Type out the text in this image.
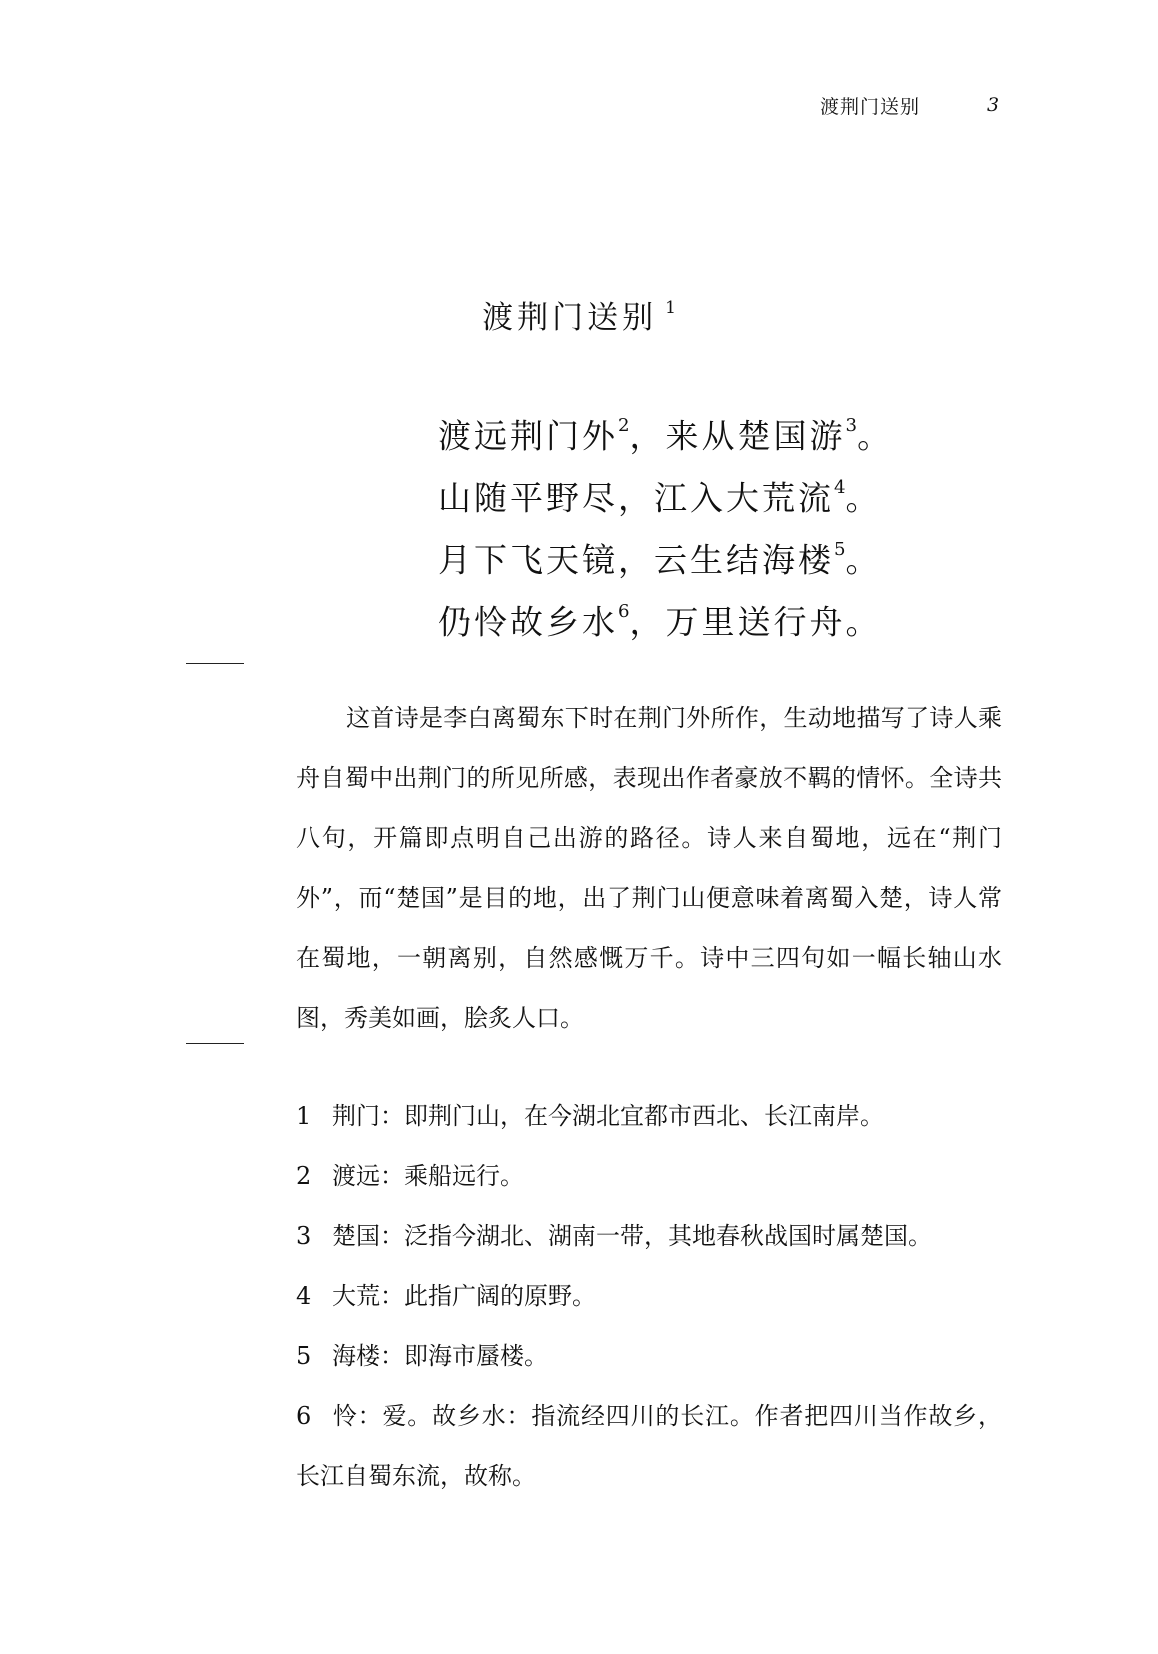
渡荆门送别	3
渡荆门送别 $^1$
渡远荆门外$^2$，来从楚国游$^3$。
山随平野尽，江入大荒流$^4$。
月下飞天镜，云生结海楼$^5$。
仍怜故乡水$^6$，万里送行舟。
这首诗是李白离蜀东下时在荆门外所作，生动地描写了诗人乘舟自蜀中出荆门的所见所感，表现出作者豪放不羁的情怀。全诗共八句，开篇即点明自己出游的路径。诗人来自蜀地，远在“荆门外”，而“楚国”是目的地，出了荆门山便意味着离蜀入楚，诗人常在蜀地，一朝离别，自然感慨万千。诗中三四句如一幅长轴山水图，秀美如画，脍炙人口。
1 荆门：即荆门山，在今湖北宜都市西北、长江南岸。
2 渡远：乘船远行。
3 楚国：泛指今湖北、湖南一带，其地春秋战国时属楚国。
4 大荒：此指广阔的原野。
5 海楼：即海市蜃楼。
6 怜：爱。故乡水：指流经四川的长江。作者把四川当作故乡，长江自蜀东流，故称。
